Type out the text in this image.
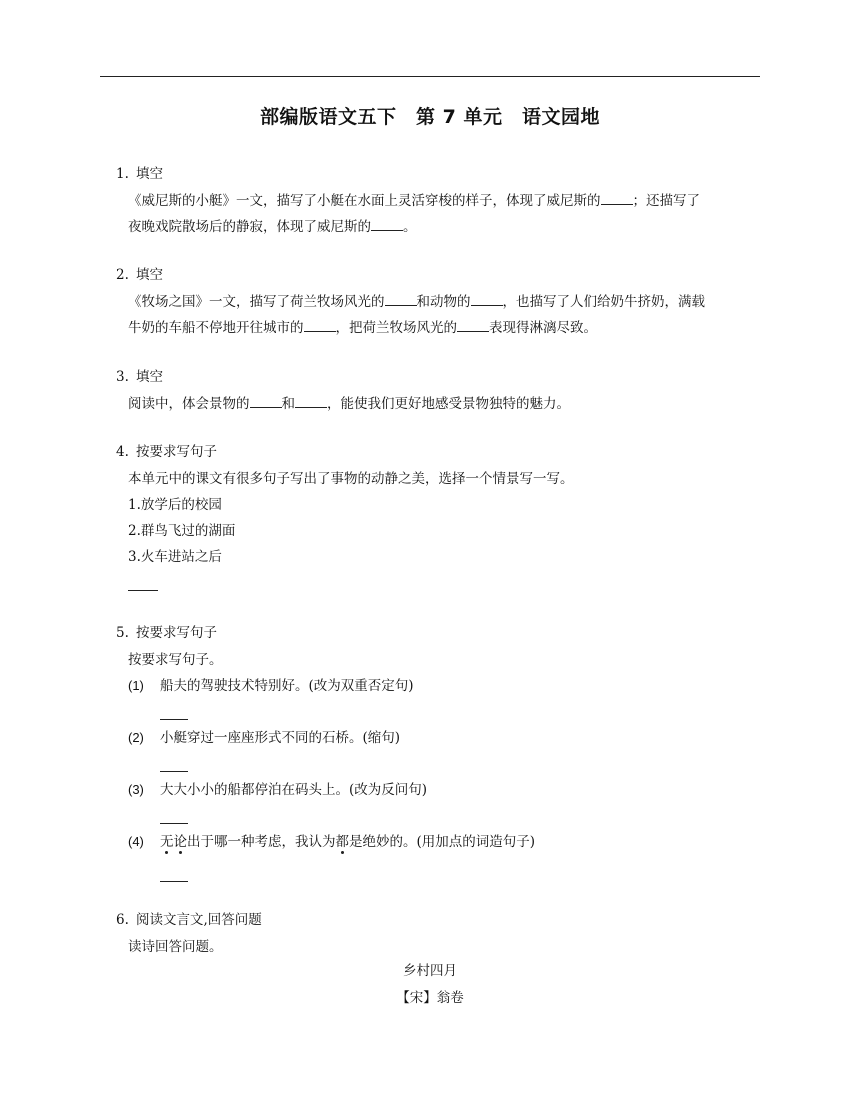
部编版语文五下　第 7 单元　语文园地
1. 填空
《威尼斯的小艇》一文，描写了小艇在水面上灵活穿梭的样子，体现了威尼斯的 ；还描写了
夜晚戏院散场后的静寂，体现了威尼斯的 。
2. 填空
《牧场之国》一文，描写了荷兰牧场风光的 和动物的 ，也描写了人们给奶牛挤奶，满载
牛奶的车船不停地开往城市的 ，把荷兰牧场风光的 表现得淋漓尽致。
3. 填空
阅读中，体会景物的 和 ，能使我们更好地感受景物独特的魅力。
4. 按要求写句子
本单元中的课文有很多句子写出了事物的动静之美，选择一个情景写一写。
1.放学后的校园
2.群鸟飞过的湖面
3.火车进站之后
5. 按要求写句子
按要求写句子。
(1) 船夫的驾驶技术特别好。(改为双重否定句)
(2) 小艇穿过一座座形式不同的石桥。(缩句)
(3) 大大小小的船都停泊在码头上。(改为反问句)
(4) 无论出于哪一种考虑，我认为都是绝妙的。(用加点的词造句子)
6. 阅读文言文,回答问题
读诗回答问题。
乡村四月
【宋】翁卷
